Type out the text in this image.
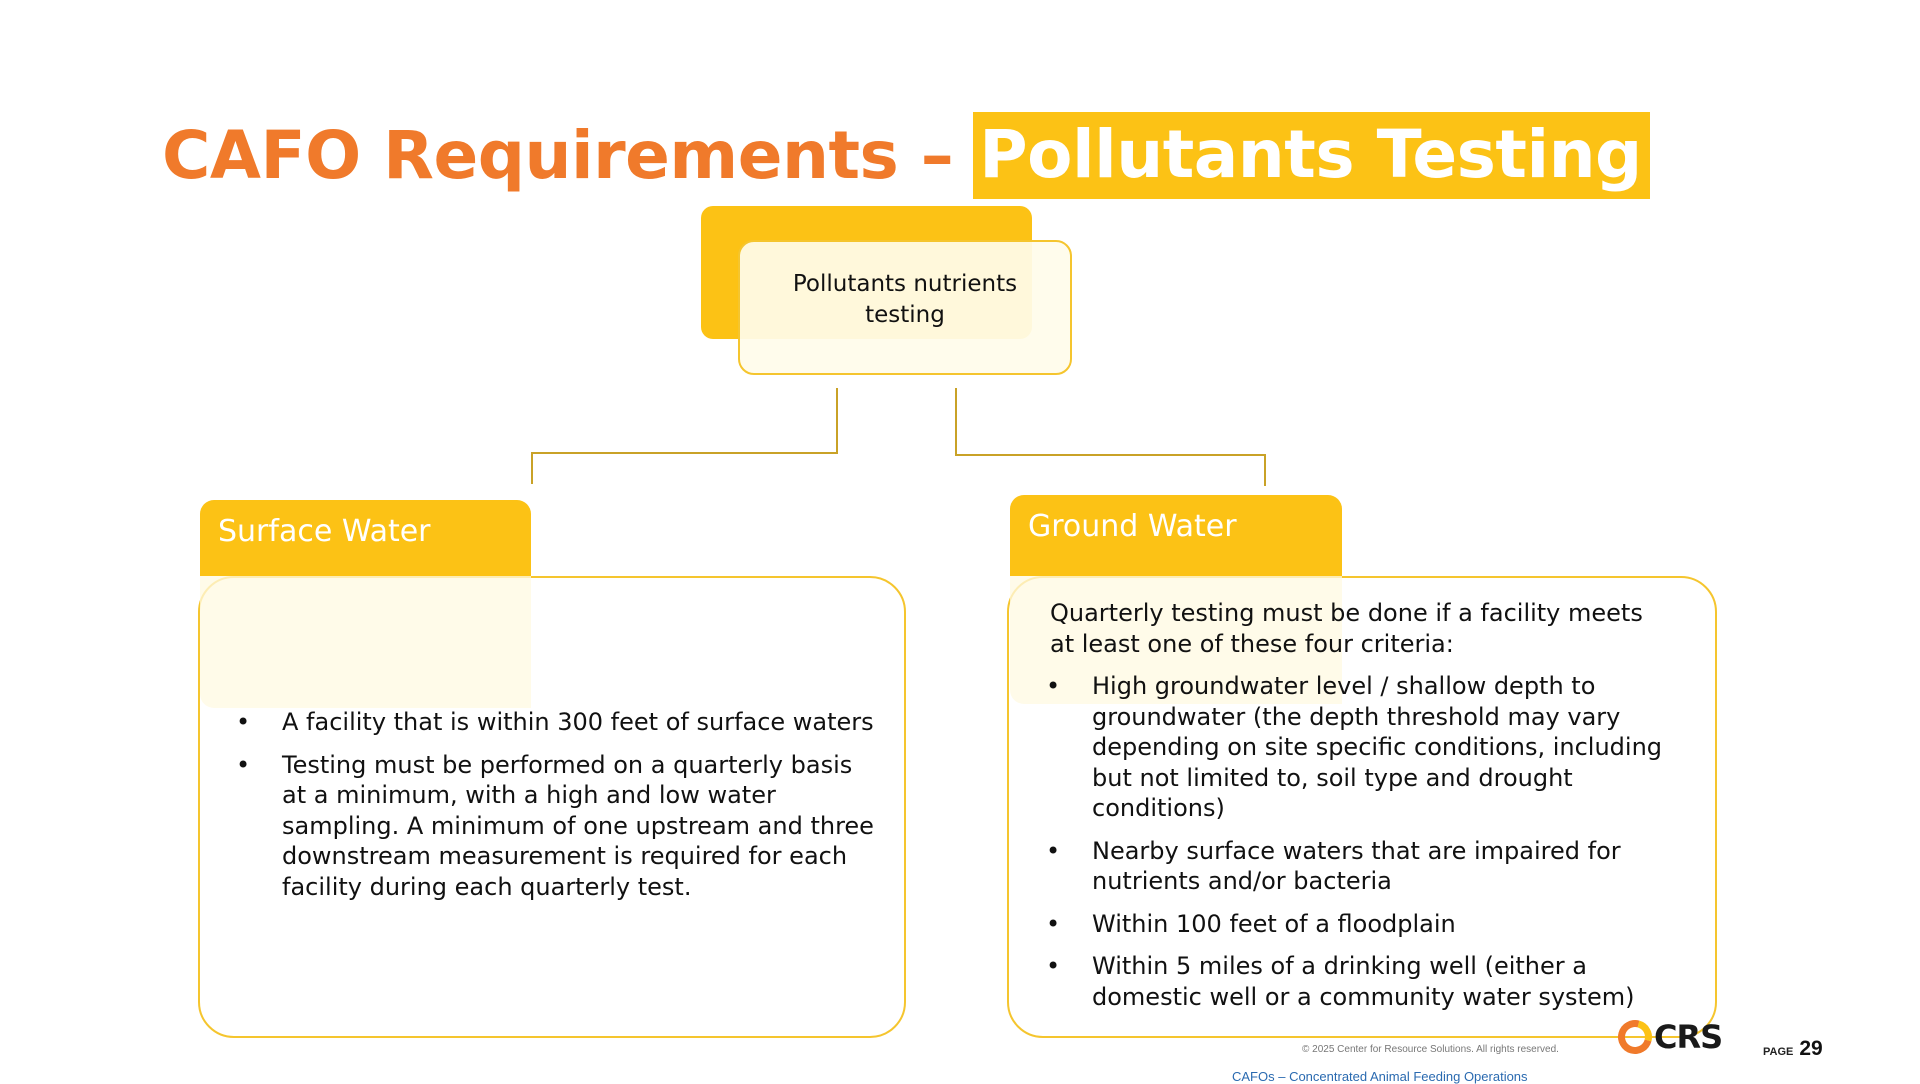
CAFO Requirements – Pollutants Testing
Pollutants nutrients testing
Surface Water
• A facility that is within 300 feet of surface waters
• Testing must be performed on a quarterly basis at a minimum, with a high and low water sampling. A minimum of one upstream and three downstream measurement is required for each facility during each quarterly test.
Ground Water

Quarterly testing must be done if a facility meets at least one of these four criteria:

• High groundwater level / shallow depth to groundwater (the depth threshold may vary depending on site specific conditions, including but not limited to, soil type and drought conditions)
• Nearby surface waters that are impaired for nutrients and/or bacteria
• Within 100 feet of a floodplain
• Within 5 miles of a drinking well (either a domestic well or a community water system)
© 2025 Center for Resource Solutions. All rights reserved.
CAFOs – Concentrated Animal Feeding Operations
CRS	PAGE 29
